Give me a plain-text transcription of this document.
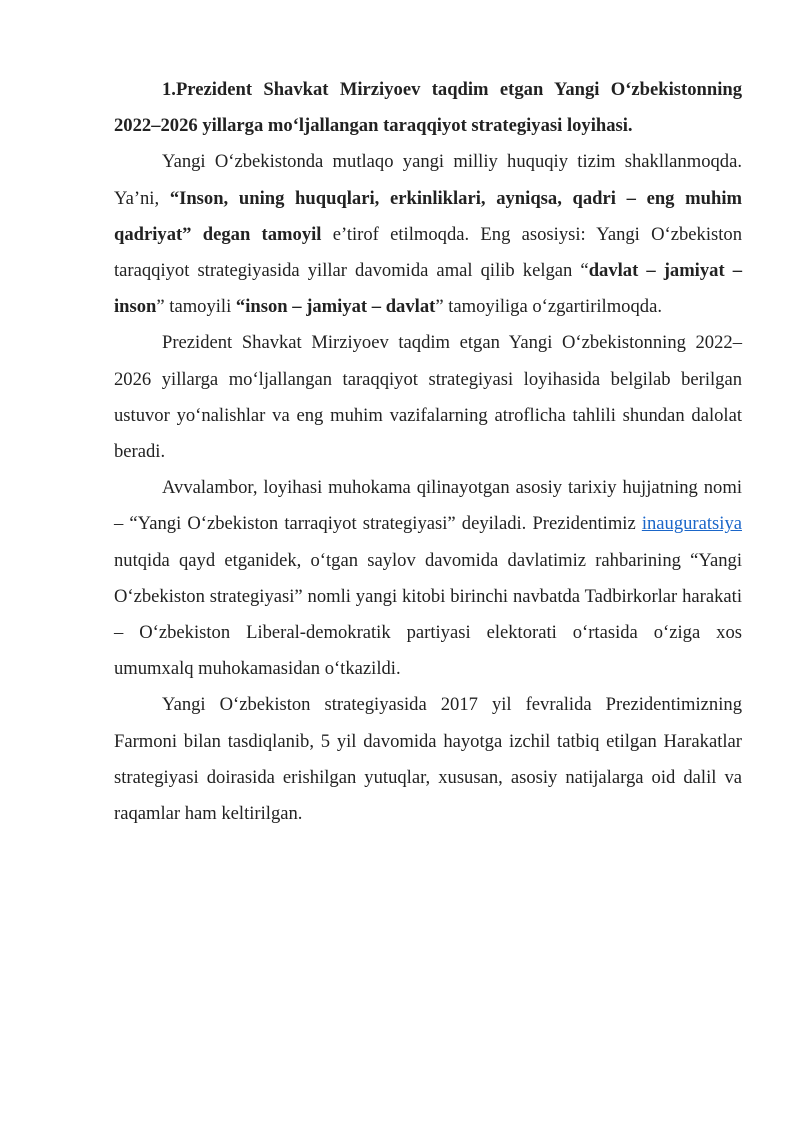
1.Prezident Shavkat Mirziyoev taqdim etgan Yangi O‘zbekistonning 2022–2026 yillarga mo‘ljallangan taraqqiyot strategiyasi loyihasi.

Yangi O‘zbekistonda mutlaqo yangi milliy huquqiy tizim shakllanmoqda. Ya’ni, “Inson, uning huquqlari, erkinliklari, ayniqsa, qadri – eng muhim qadriyat” degan tamoyil e’tirof etilmoqda. Eng asosiysi: Yangi O‘zbekiston taraqqiyot strategiyasida yillar davomida amal qilib kelgan “davlat – jamiyat – inson” tamoyili “inson – jamiyat – davlat” tamoyiliga o‘zgartirilmoqda.

Prezident Shavkat Mirziyoev taqdim etgan Yangi O‘zbekistonning 2022–2026 yillarga mo‘ljallangan taraqqiyot strategiyasi loyihasida belgilab berilgan ustuvor yo‘nalishlar va eng muhim vazifalarning atroflicha tahlili shundan dalolat beradi.

Avvalambor, loyihasi muhokama qilinayotgan asosiy tarixiy hujjatning nomi – “Yangi O‘zbekiston tarraqiyot strategiyasi” deyiladi. Prezidentimiz inauguratsiya nutqida qayd etganidek, o‘tgan saylov davomida davlatimiz rahbarining “Yangi O‘zbekiston strategiyasi” nomli yangi kitobi birinchi navbatda Tadbirkorlar harakati – O‘zbekiston Liberal-demokratik partiyasi elektorati o‘rtasida o‘ziga xos umumxalq muhokamasidan o‘tkazildi.

Yangi O‘zbekiston strategiyasida 2017 yil fevralida Prezidentimizning Farmoni bilan tasdiqlanib, 5 yil davomida hayotga izchil tatbiq etilgan Harakatlar strategiyasi doirasida erishilgan yutuqlar, xususan, asosiy natijalarga oid dalil va raqamlar ham keltirilgan.
